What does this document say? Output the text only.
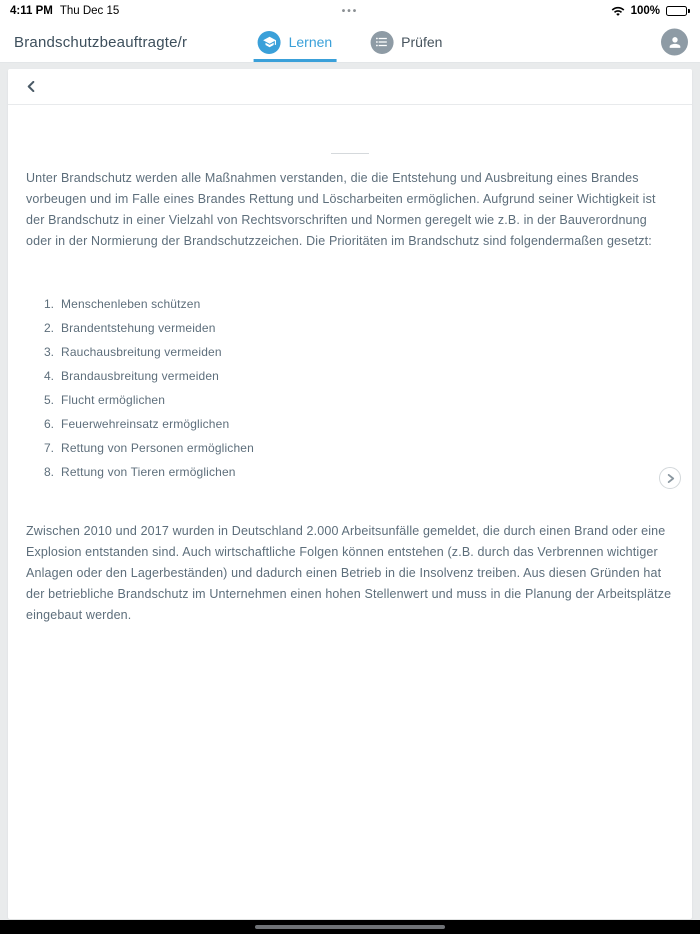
4:11 PM Thu Dec 15	•••	100%
Brandschutzbeauftragte/r	Lernen	Prüfen

Unter Brandschutz werden alle Maßnahmen verstanden, die die Entstehung und Ausbreitung eines Brandes vorbeugen und im Falle eines Brandes Rettung und Löscharbeiten ermöglichen. Aufgrund seiner Wichtigkeit ist der Brandschutz in einer Vielzahl von Rechtsvorschriften und Normen geregelt wie z.B. in der Bauverordnung oder in der Normierung der Brandschutzzeichen. Die Prioritäten im Brandschutz sind folgendermaßen gesetzt:

1. Menschenleben schützen
2. Brandentstehung vermeiden
3. Rauchausbreitung vermeiden
4. Brandausbreitung vermeiden
5. Flucht ermöglichen
6. Feuerwehreinsatz ermöglichen
7. Rettung von Personen ermöglichen
8. Rettung von Tieren ermöglichen

Zwischen 2010 und 2017 wurden in Deutschland 2.000 Arbeitsunfälle gemeldet, die durch einen Brand oder eine Explosion entstanden sind. Auch wirtschaftliche Folgen können entstehen (z.B. durch das Verbrennen wichtiger Anlagen oder den Lagerbeständen) und dadurch einen Betrieb in die Insolvenz treiben. Aus diesen Gründen hat der betriebliche Brandschutz im Unternehmen einen hohen Stellenwert und muss in die Planung der Arbeitsplätze eingebaut werden.
